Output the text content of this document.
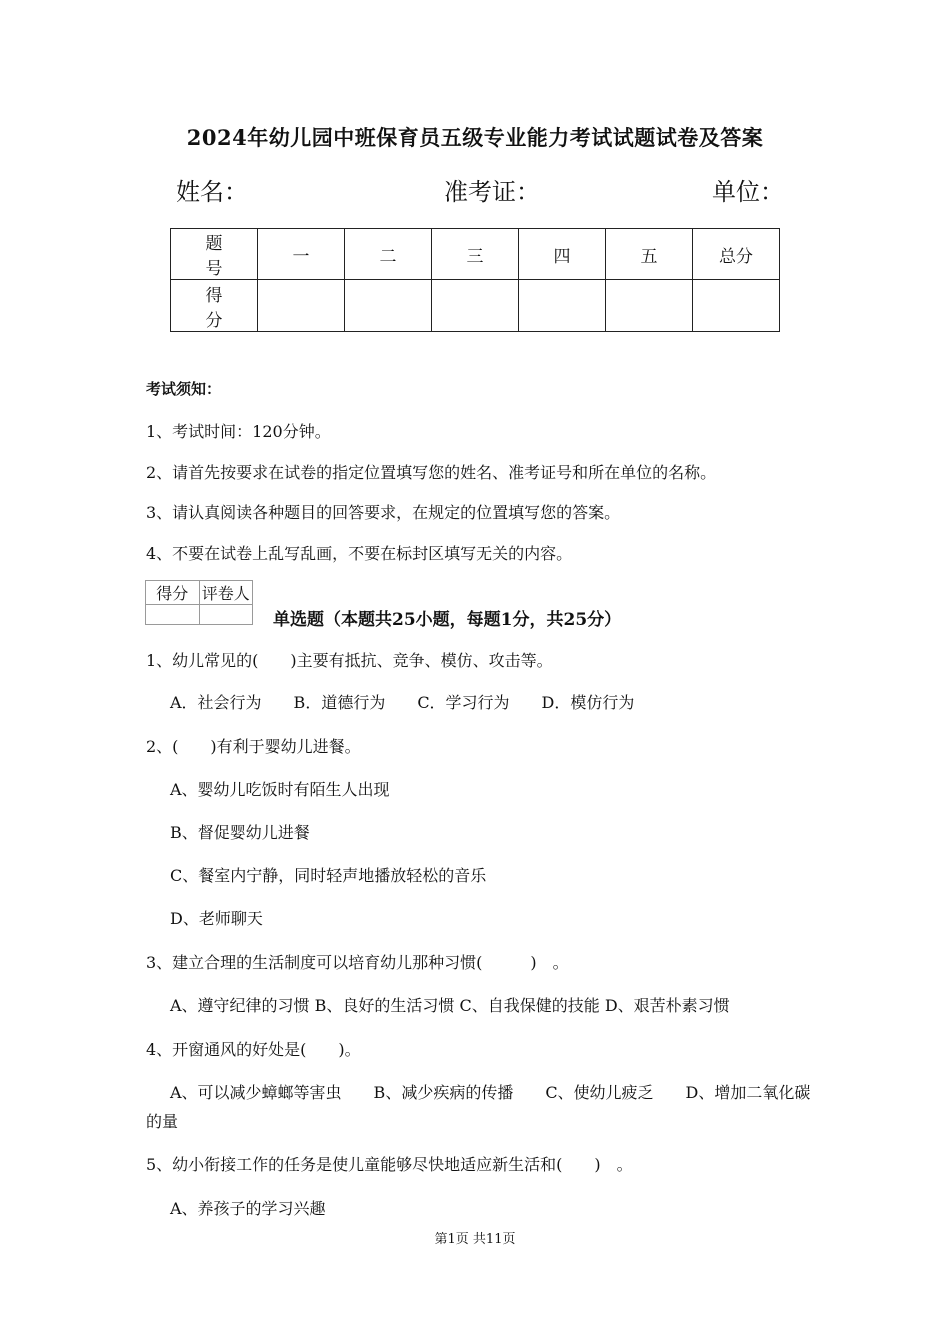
2024年幼儿园中班保育员五级专业能力考试试题试卷及答案
姓名：	准考证：	单位：
题号	一	二	三	四	五	总分
得分						
考试须知：
1、考试时间：120分钟。
2、请首先按要求在试卷的指定位置填写您的姓名、准考证号和所在单位的名称。
3、请认真阅读各种题目的回答要求，在规定的位置填写您的答案。
4、不要在试卷上乱写乱画，不要在标封区填写无关的内容。
得分	评卷人

单选题（本题共25小题，每题1分，共25分）
1、幼儿常见的(　　)主要有抵抗、竞争、模仿、攻击等。
A．社会行为　　B．道德行为　　C．学习行为　　D．模仿行为
2、(　　)有利于婴幼儿进餐。
A、婴幼儿吃饭时有陌生人出现
B、督促婴幼儿进餐
C、餐室内宁静，同时轻声地播放轻松的音乐
D、老师聊天
3、建立合理的生活制度可以培育幼儿那种习惯(　　　)　。
A、遵守纪律的习惯 B、良好的生活习惯 C、自我保健的技能 D、艰苦朴素习惯
4、开窗通风的好处是(　　)。
A、可以减少蟑螂等害虫　　B、减少疾病的传播　　C、使幼儿疲乏　　D、增加二氧化碳
的量
5、幼小衔接工作的任务是使儿童能够尽快地适应新生活和(　　)　。
A、养孩子的学习兴趣
第1页 共11页
